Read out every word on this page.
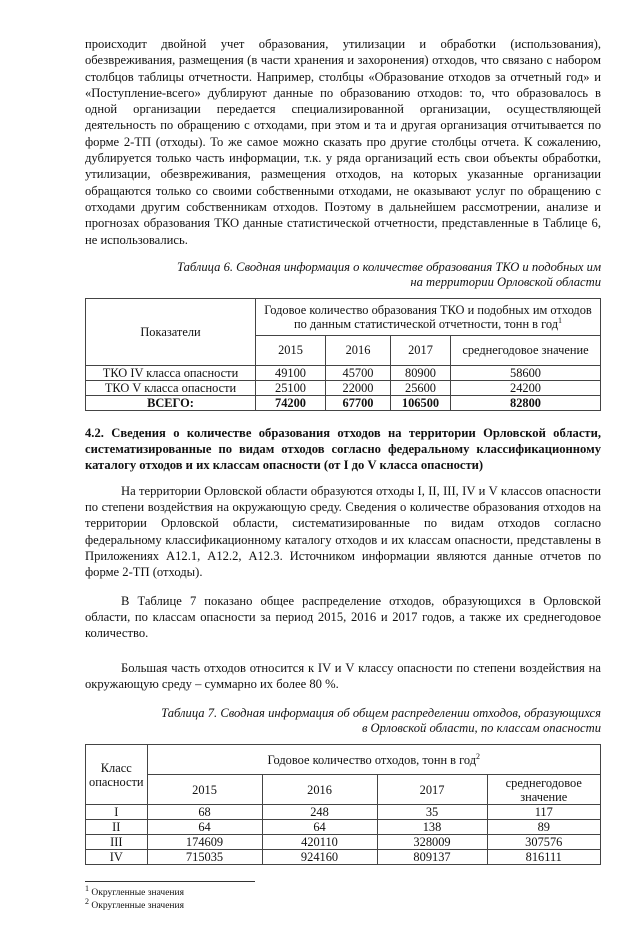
происходит двойной учет образования, утилизации и обработки (использования), обезвреживания, размещения (в части хранения и захоронения) отходов, что связано с набором столбцов таблицы отчетности. Например, столбцы «Образование отходов за отчетный год» и «Поступление-всего» дублируют данные по образованию отходов: то, что образовалось в одной организации передается специализированной организации, осуществляющей деятельность по обращению с отходами, при этом и та и другая организация отчитывается по форме 2-ТП (отходы). То же самое можно сказать про другие столбцы отчета. К сожалению, дублируется только часть информации, т.к. у ряда организаций есть свои объекты обработки, утилизации, обезвреживания, размещения отходов, на которых указанные организации обращаются только со своими собственными отходами, не оказывают услуг по обращению с отходами другим собственникам отходов. Поэтому в дальнейшем рассмотрении, анализе и прогнозах образования ТКО данные статистической отчетности, представленные в Таблице 6, не использовались.

Таблица 6. Сводная информация о количестве образования ТКО и подобных им
на территории Орловской области
Показатели	Годовое количество образования ТКО и подобных им отходов по данным статистической отчетности, тонн в год$^1$
	2015	2016	2017	среднегодовое значение
ТКО IV класса опасности	49100	45700	80900	58600
ТКО V класса опасности	25100	22000	25600	24200
ВСЕГО:	74200	67700	106500	82800
4.2. Сведения о количестве образования отходов на территории Орловской области, систематизированные по видам отходов согласно федеральному классификационному каталогу отходов и их классам опасности (от I до V класса опасности)

На территории Орловской области образуются отходы I, II, III, IV и V классов опасности по степени воздействия на окружающую среду. Сведения о количестве образования отходов на территории Орловской области, систематизированные по видам отходов согласно федеральному классификационному каталогу отходов и их классам опасности, представлены в Приложениях А12.1, А12.2, А12.3. Источником информации являются данные отчетов по форме 2-ТП (отходы).

В Таблице 7 показано общее распределение отходов, образующихся в Орловской области, по классам опасности за период 2015, 2016 и 2017 годов, а также их среднегодовое количество.

Большая часть отходов относится к IV и V классу опасности по степени воздействия на окружающую среду – суммарно их более 80 %.

Таблица 7. Сводная информация об общем распределении отходов, образующихся
в Орловской области, по классам опасности
Класс опасности	Годовое количество отходов, тонн в год$^2$
	2015	2016	2017	среднегодовое значение
I	68	248	35	117
II	64	64	138	89
III	174609	420110	328009	307576
IV	715035	924160	809137	816111
$^1$ Округленные значения
$^2$ Округленные значения
